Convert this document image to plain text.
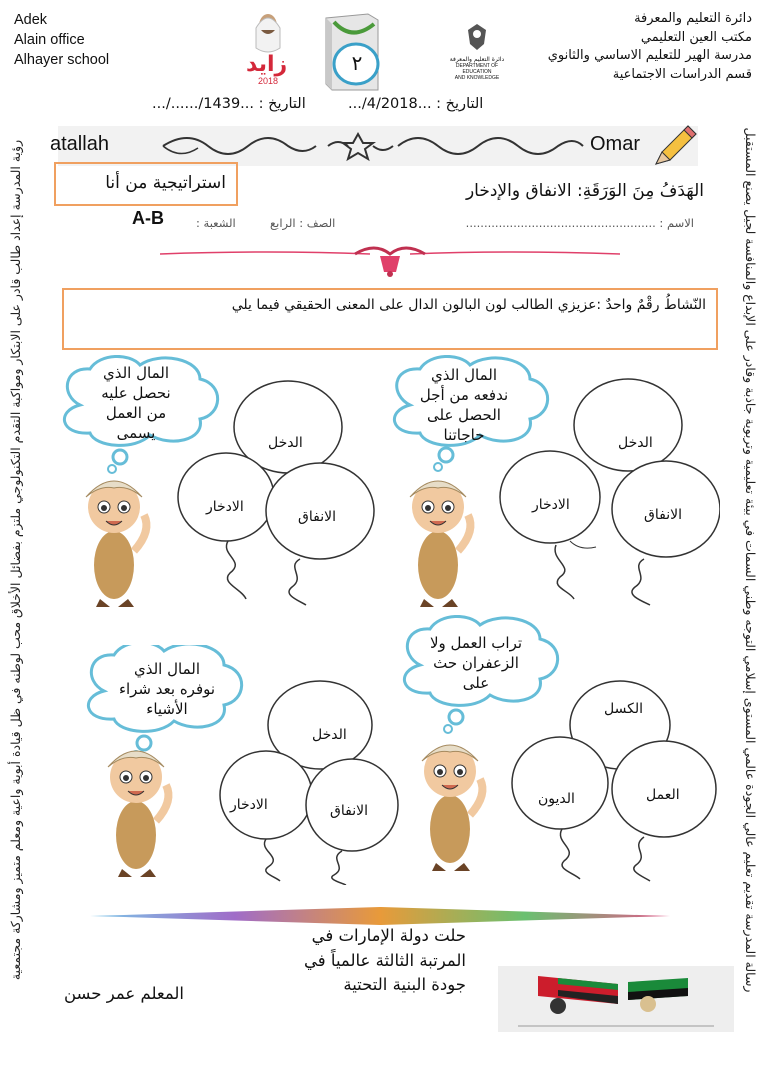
Adek
Alain office
Alhayer school
دائرة التعليم والمعرفة
مكتب العين التعليمي
مدرسة الهير للتعليم الاساسي والثانوي
قسم الدراسات الاجتماعية
زايد
2018
٢	دائرة التعليم والمعرفة
DEPARTMENT OF EDUCATION
AND KNOWLEDGE
التاريخ : ...4/2018/...
التاريخ : ...1439/....../...
atallah	Omar
استراتيجية من أنا	الهَدَفُ مِنَ الوَرَقَةِ: الانفاق والإدخار
الاسم : ....................................................
الصف : الرابع
الشعبة :
A-B
النّشاطُ رقْمٌ واحدٌ :عزيزي الطالب لون البالون الدال على المعنى الحقيقي فيما يلي
المال الذي
ندفعه من أجل
الحصل على
حاجاتنا	الدخل
الادخار
الانفاق
المال الذي
نحصل عليه
من العمل
يسمى
الدخل
الادخار
الانفاق
تراب العمل ولا
الزعفران حث
على
الكسل
الديون	العمل
المال الذي
نوفره بعد شراء
الأشياء
الدخل
الادخار	الانفاق
حلت دولة الإمارات في
المرتبة الثالثة عالمياً في
جودة البنية التحتية
المعلم عمر حسن
رؤية المدرسة إعداد طالب قادر على الابتكار ومواكبة التقدم التكنولوجي ملتزم بفضائل الأخلاق محب لوطنه في ظل قيادة أبوية واعية ومعلم متميز ومشاركة مجتمعية	رسالة المدرسة تقديم تعليم عالي الجودة عالمي المستوى إسلامي التوجه وطني السمات في بيئة تعليمية وتربوية جاذبة وقادر على الإبداع والمنافسة لجيل يصنع المستقبل
